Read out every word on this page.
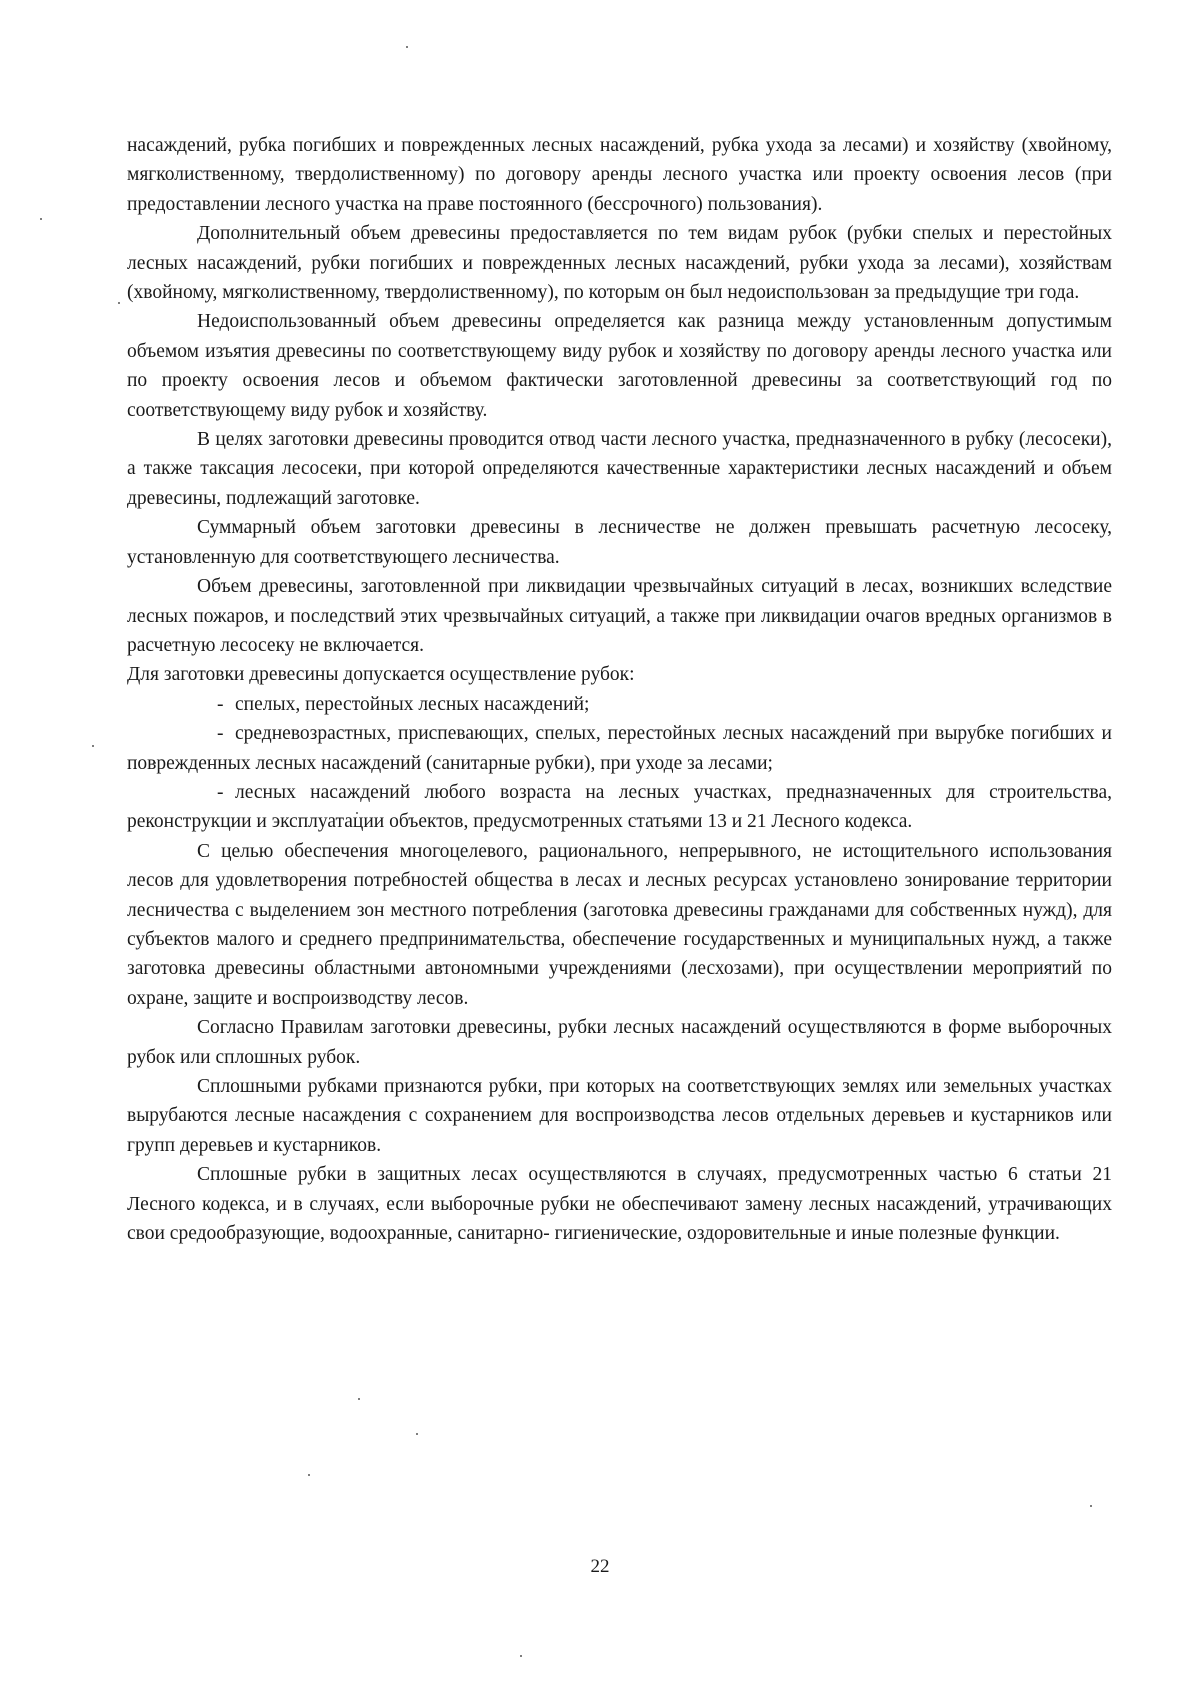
насаждений, рубка погибших и поврежденных лесных насаждений, рубка ухода за лесами) и хозяйству (хвойному, мягколиственному, твердолиственному) по договору аренды лесного участка или проекту освоения лесов (при предоставлении лесного участка на праве постоянного (бессрочного) пользования).

Дополнительный объем древесины предоставляется по тем видам рубок (рубки спелых и перестойных лесных насаждений, рубки погибших и поврежденных лесных насаждений, рубки ухода за лесами), хозяйствам (хвойному, мягколиственному, твердолиственному), по которым он был недоиспользован за предыдущие три года.

Недоиспользованный объем древесины определяется как разница между установленным допустимым объемом изъятия древесины по соответствующему виду рубок и хозяйству по договору аренды лесного участка или по проекту освоения лесов и объемом фактически заготовленной древесины за соответствующий год по соответствующему виду рубок и хозяйству.

В целях заготовки древесины проводится отвод части лесного участка, предназначенного в рубку (лесосеки), а также таксация лесосеки, при которой определяются качественные характеристики лесных насаждений и объем древесины, подлежащий заготовке.

Суммарный объем заготовки древесины в лесничестве не должен превышать расчетную лесосеку, установленную для соответствующего лесничества.

Объем древесины, заготовленной при ликвидации чрезвычайных ситуаций в лесах, возникших вследствие лесных пожаров, и последствий этих чрезвычайных ситуаций, а также при ликвидации очагов вредных организмов в расчетную лесосеку не включается.

Для заготовки древесины допускается осуществление рубок:

- спелых, перестойных лесных насаждений;

- средневозрастных, приспевающих, спелых, перестойных лесных насаждений при вырубке погибших и поврежденных лесных насаждений (санитарные рубки), при уходе за лесами;

- лесных насаждений любого возраста на лесных участках, предназначенных для строительства, реконструкции и эксплуатации объектов, предусмотренных статьями 13 и 21 Лесного кодекса.

С целью обеспечения многоцелевого, рационального, непрерывного, не истощительного использования лесов для удовлетворения потребностей общества в лесах и лесных ресурсах установлено зонирование территории лесничества с выделением зон местного потребления (заготовка древесины гражданами для собственных нужд), для субъектов малого и среднего предпринимательства, обеспечение государственных и муниципальных нужд, а также заготовка древесины областными автономными учреждениями (лесхозами), при осуществлении мероприятий по охране, защите и воспроизводству лесов.

Согласно Правилам заготовки древесины, рубки лесных насаждений осуществляются в форме выборочных рубок или сплошных рубок.

Сплошными рубками признаются рубки, при которых на соответствующих землях или земельных участках вырубаются лесные насаждения с сохранением для воспроизводства лесов отдельных деревьев и кустарников или групп деревьев и кустарников.

Сплошные рубки в защитных лесах осуществляются в случаях, предусмотренных частью 6 статьи 21 Лесного кодекса, и в случаях, если выборочные рубки не обеспечивают замену лесных насаждений, утрачивающих свои средообразующие, водоохранные, санитарно- гигиенические, оздоровительные и иные полезные функции.

22
